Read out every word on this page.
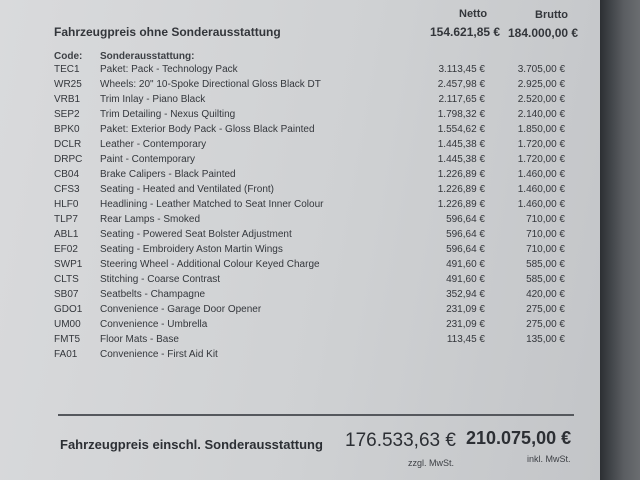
Netto	Brutto
Fahrzeugpreis ohne Sonderausstattung	154.621,85 € 184.000,00 €
Code: Sonderausstattung:
TEC1 Paket: Pack - Technology Pack	3.113,45 €	3.705,00 €
WR25 Wheels: 20" 10-Spoke Directional Gloss Black DT	2.457,98 €	2.925,00 €
VRB1 Trim Inlay - Piano Black	2.117,65 €	2.520,00 €
SEP2 Trim Detailing - Nexus Quilting	1.798,32 €	2.140,00 €
BPK0 Paket: Exterior Body Pack - Gloss Black Painted	1.554,62 €	1.850,00 €
DCLR Leather - Contemporary	1.445,38 €	1.720,00 €
DRPC Paint - Contemporary	1.445,38 €	1.720,00 €
CB04 Brake Calipers - Black Painted	1.226,89 €	1.460,00 €
CFS3 Seating - Heated and Ventilated (Front)	1.226,89 €	1.460,00 €
HLF0 Headlining - Leather Matched to Seat Inner Colour	1.226,89 €	1.460,00 €
TLP7 Rear Lamps - Smoked	596,64 €	710,00 €
ABL1 Seating - Powered Seat Bolster Adjustment	596,64 €	710,00 €
EF02 Seating - Embroidery Aston Martin Wings	596,64 €	710,00 €
SWP1 Steering Wheel - Additional Colour Keyed Charge	491,60 €	585,00 €
CLTS Stitching - Coarse Contrast	491,60 €	585,00 €
SB07 Seatbelts - Champagne	352,94 €	420,00 €
GDO1 Convenience - Garage Door Opener	231,09 €	275,00 €
UM00 Convenience - Umbrella	231,09 €	275,00 €
FMT5 Floor Mats - Base	113,45 €	135,00 €
FA01 Convenience - First Aid Kit
Fahrzeugpreis einschl. Sonderausstattung 176.533,63 € 210.075,00 €
zzgl. MwSt.	inkl. MwSt.
